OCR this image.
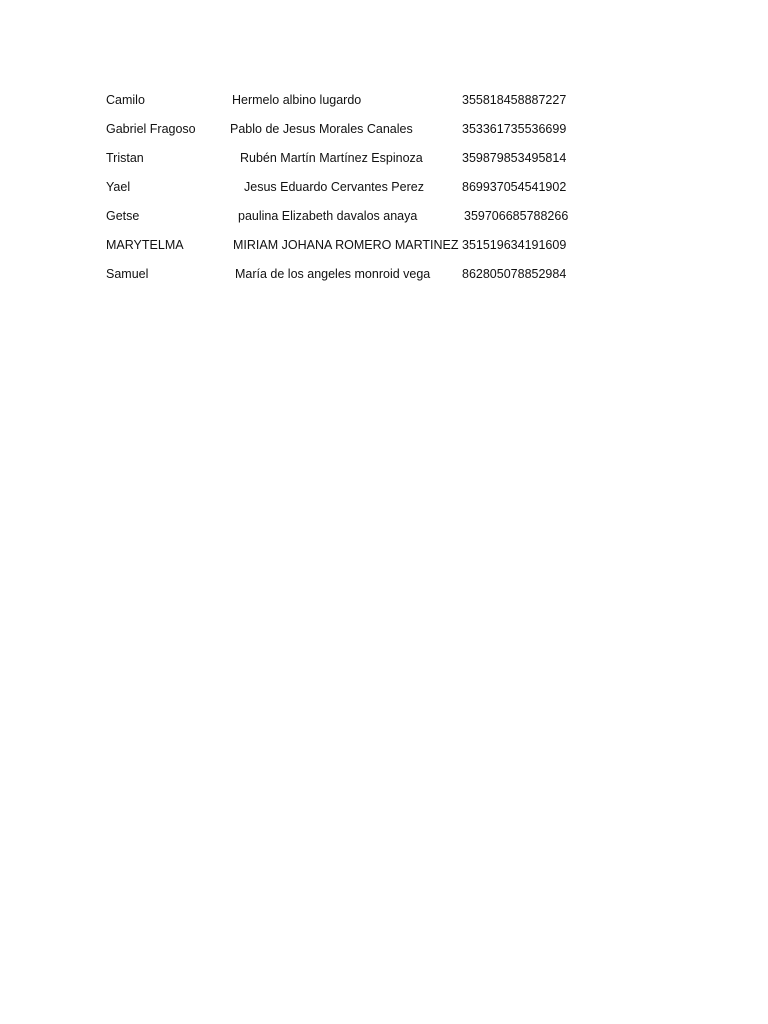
Camilo	Hermelo albino lugardo	355818458887227
Gabriel Fragoso	Pablo de Jesus Morales Canales	353361735536699
Tristan	Rubén Martín Martínez Espinoza	359879853495814
Yael	Jesus Eduardo Cervantes Perez	869937054541902
Getse	paulina Elizabeth davalos anaya	359706685788266
MARYTELMA	MIRIAM JOHANA ROMERO MARTINEZ 351519634191609
Samuel	María de los angeles monroid vega	862805078852984
